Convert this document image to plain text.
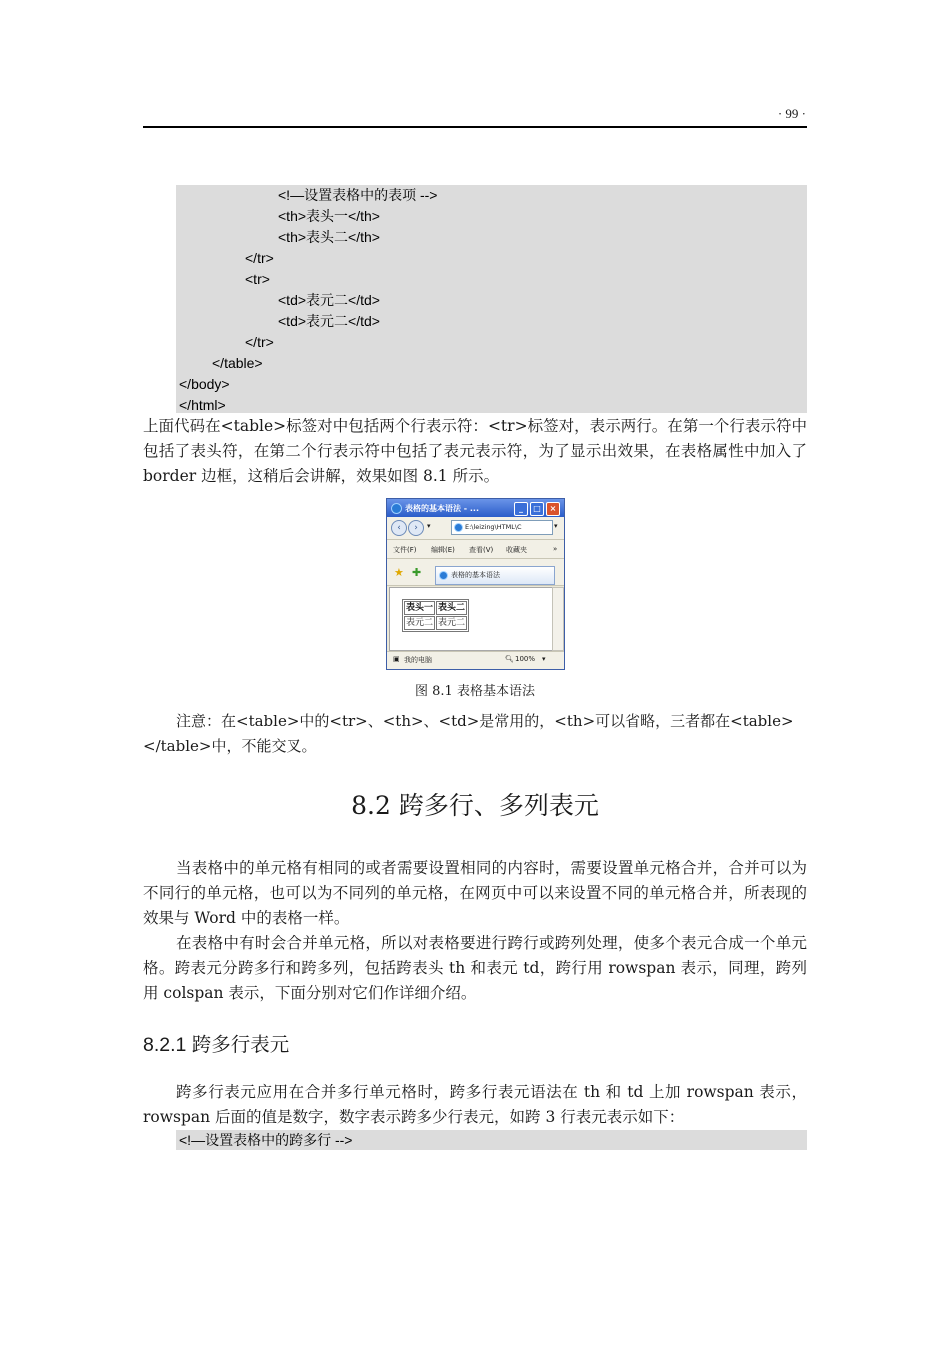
· 99 ·
<!—设置表格中的表项 -->
<th>表头一</th>
<th>表头二</th>
</tr>
<tr>
<td>表元二</td>
<td>表元二</td>
</tr>
</table>
</body>
</html>

上面代码在<table>标签对中包括两个行表示符：<tr>标签对，表示两行。在第一个行表示符中包括了表头符，在第二个行表示符中包括了表元表示符，为了显示出效果，在表格属性中加入了 border 边框，这稍后会讲解，效果如图 8.1 所示。

表格的基本语法 - ...	_	□	×
‹	›	▾	E:\leizing\HTML\C	▾
文件(F) 编辑(E) 查看(V) 收藏夹	»
★ ✚	表格的基本语法
表头一	表头二
表元二	表元二
▣ 我的电脑	🔍︎ 100% ▾
图 8.1 表格基本语法

注意：在<table>中的<tr>、<th>、<td>是常用的，<th>可以省略，三者都在<table></table>中，不能交叉。

8.2 跨多行、多列表元

当表格中的单元格有相同的或者需要设置相同的内容时，需要设置单元格合并，合并可以为不同行的单元格，也可以为不同列的单元格，在网页中可以来设置不同的单元格合并，所表现的效果与 Word 中的表格一样。

在表格中有时会合并单元格，所以对表格要进行跨行或跨列处理，使多个表元合成一个单元格。跨表元分跨多行和跨多列，包括跨表头 th 和表元 td，跨行用 rowspan 表示，同理，跨列用 colspan 表示，下面分别对它们作详细介绍。

8.2.1 跨多行表元

跨多行表元应用在合并多行单元格时，跨多行表元语法在 th 和 td 上加 rowspan 表示，rowspan 后面的值是数字，数字表示跨多少行表元，如跨 3 行表元表示如下：

<!—设置表格中的跨多行 -->
